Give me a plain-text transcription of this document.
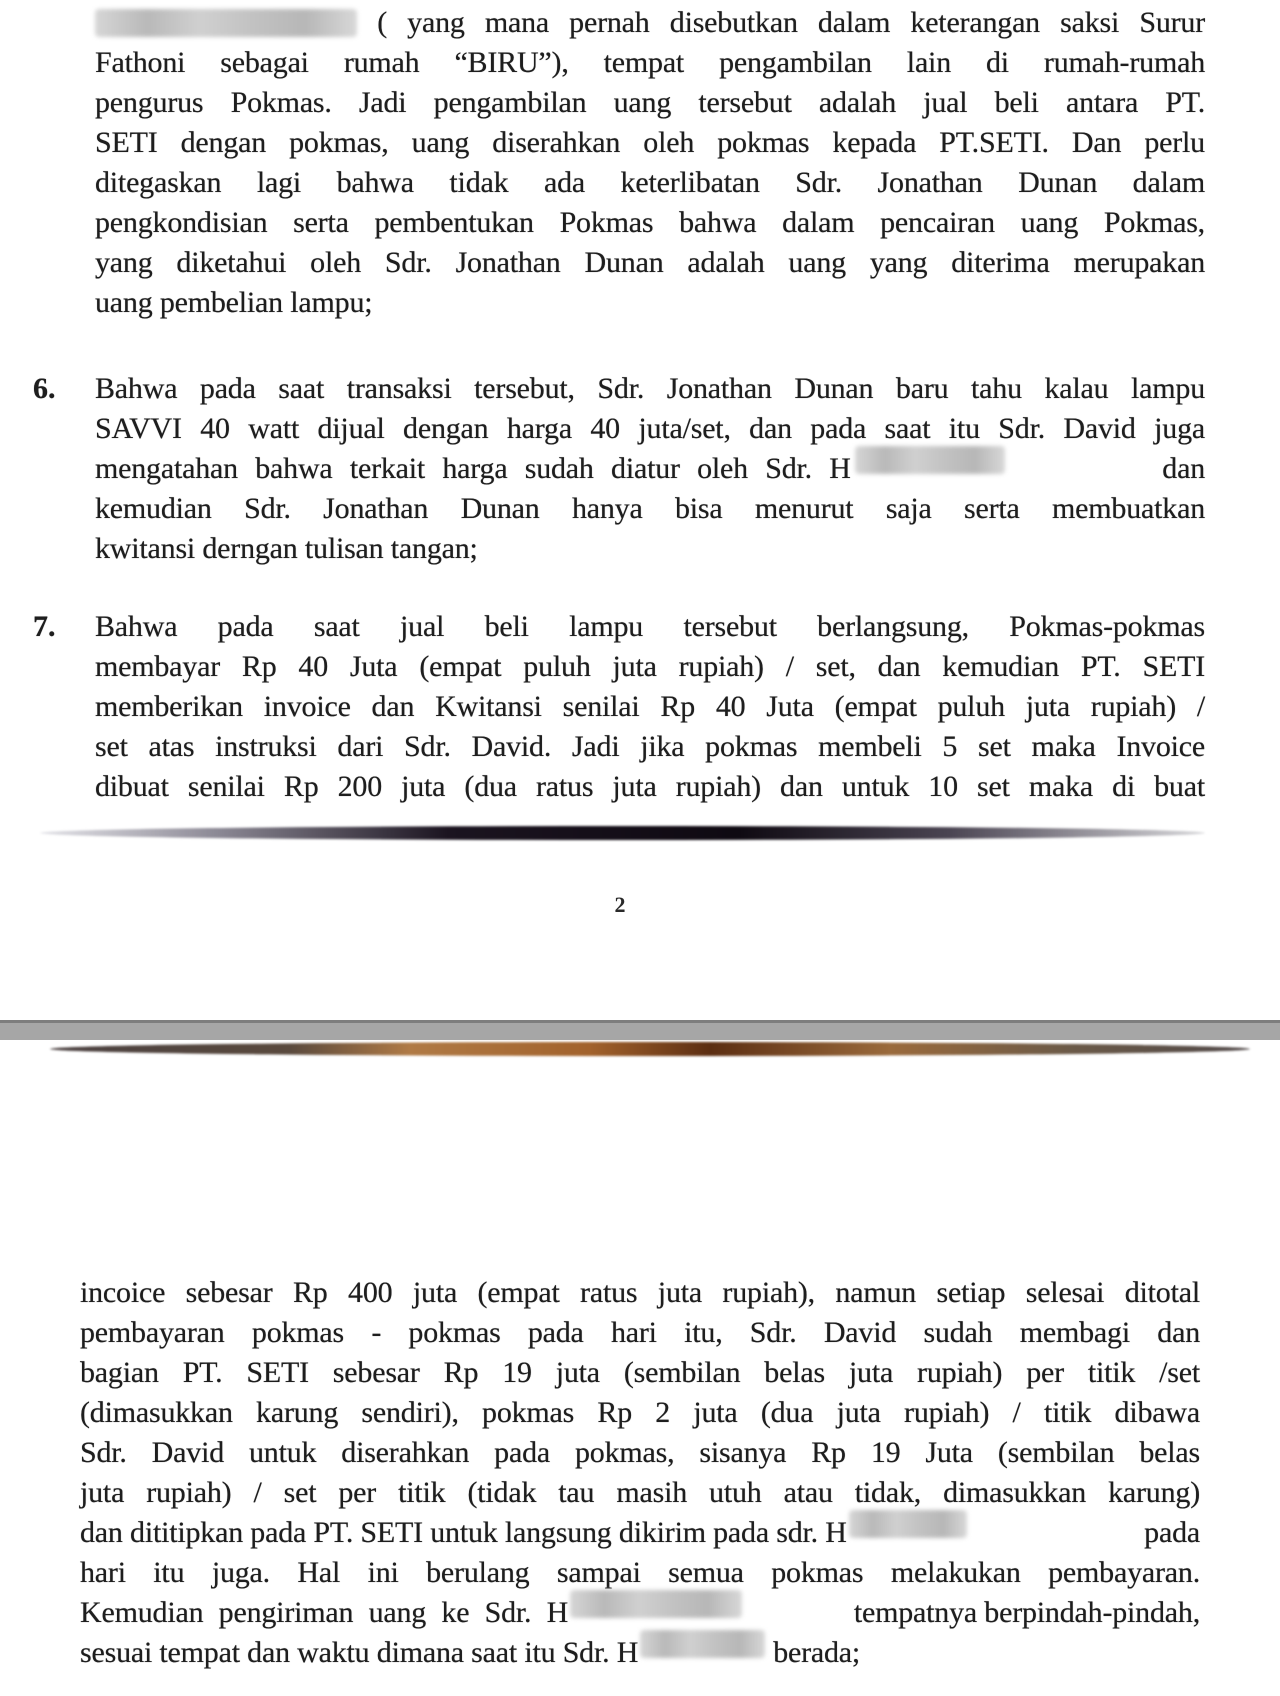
( yang mana pernah disebutkan dalam keterangan saksi Surur
Fathoni sebagai rumah “BIRU”), tempat pengambilan lain di rumah-rumah
pengurus Pokmas. Jadi pengambilan uang tersebut adalah jual beli antara PT.
SETI dengan pokmas, uang diserahkan oleh pokmas kepada PT.SETI. Dan perlu
ditegaskan lagi bahwa tidak ada keterlibatan Sdr. Jonathan Dunan dalam
pengkondisian serta pembentukan Pokmas bahwa dalam pencairan uang Pokmas,
yang diketahui oleh Sdr. Jonathan Dunan adalah uang yang diterima merupakan
uang pembelian lampu;
6. Bahwa pada saat transaksi tersebut, Sdr. Jonathan Dunan baru tahu kalau lampu
SAVVI 40 watt dijual dengan harga 40 juta/set, dan pada saat itu Sdr. David juga
mengatahan bahwa terkait harga sudah diatur oleh Sdr. H	dan
kemudian Sdr. Jonathan Dunan hanya bisa menurut saja serta membuatkan
kwitansi derngan tulisan tangan;
7. Bahwa pada saat jual beli lampu tersebut berlangsung, Pokmas-pokmas
membayar Rp 40 Juta (empat puluh juta rupiah) / set, dan kemudian PT. SETI
memberikan invoice dan Kwitansi senilai Rp 40 Juta (empat puluh juta rupiah) /
set atas instruksi dari Sdr. David. Jadi jika pokmas membeli 5 set maka Invoice
dibuat senilai Rp 200 juta (dua ratus juta rupiah) dan untuk 10 set maka di buat
2
incoice sebesar Rp 400 juta (empat ratus juta rupiah), namun setiap selesai ditotal
pembayaran pokmas - pokmas pada hari itu, Sdr. David sudah membagi dan
bagian PT. SETI sebesar Rp 19 juta (sembilan belas juta rupiah) per titik /set
(dimasukkan karung sendiri), pokmas Rp 2 juta (dua juta rupiah) / titik dibawa
Sdr. David untuk diserahkan pada pokmas, sisanya Rp 19 Juta (sembilan belas
juta rupiah) / set per titik (tidak tau masih utuh atau tidak, dimasukkan karung)
dan dititipkan pada PT. SETI untuk langsung dikirim pada sdr. H	pada
hari itu juga. Hal ini berulang sampai semua pokmas melakukan pembayaran.
Kemudian pengiriman uang ke Sdr. H	tempatnya berpindah-pindah,
sesuai tempat dan waktu dimana saat itu Sdr. H	berada;
